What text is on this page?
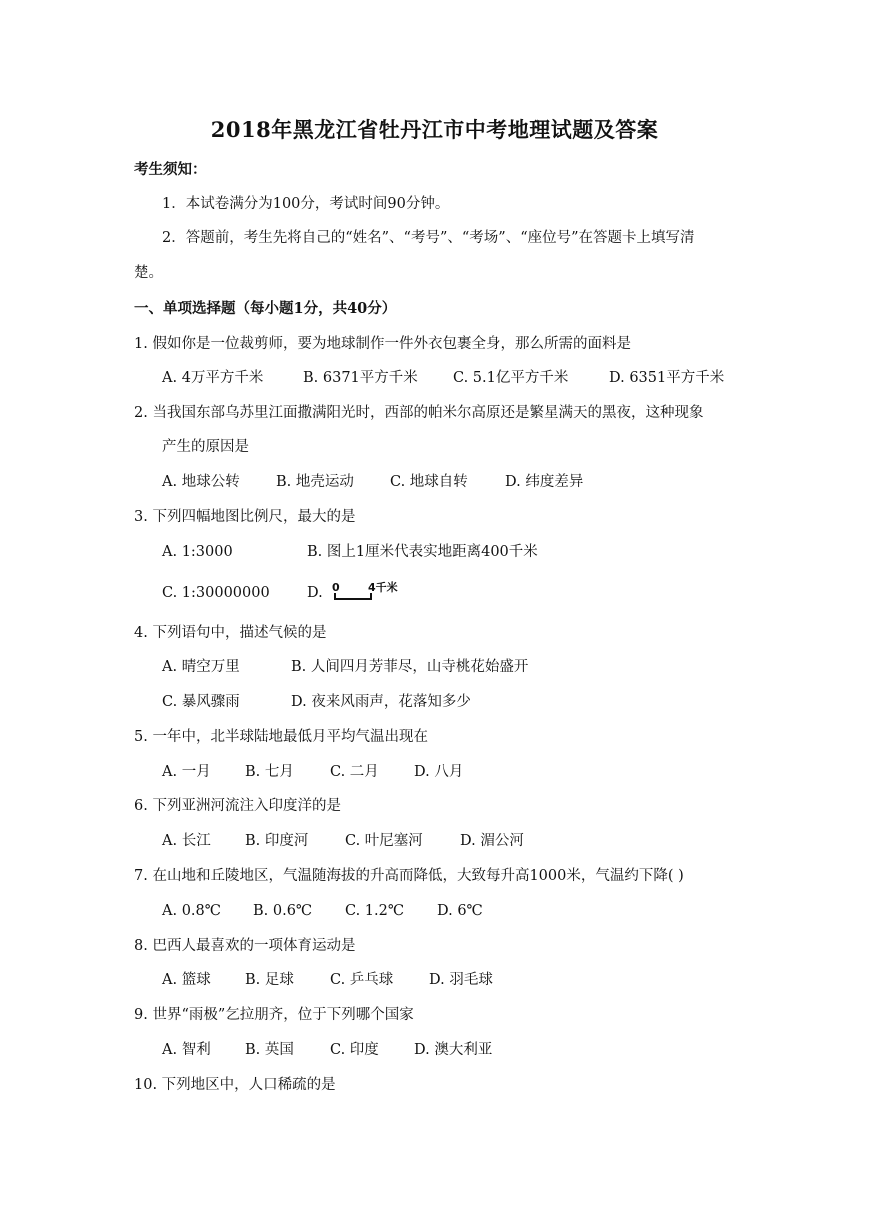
2018年黑龙江省牡丹江市中考地理试题及答案
考生须知：
1．本试卷满分为100分，考试时间90分钟。
2．答题前，考生先将自己的“姓名”、“考号”、“考场”、“座位号”在答题卡上填写清
楚。
一、单项选择题（每小题1分，共40分）
1. 假如你是一位裁剪师，要为地球制作一件外衣包裹全身，那么所需的面料是
A. 4万平方千米	B. 6371平方千米 C. 5.1亿平方千米	D. 6351平方千米
2. 当我国东部乌苏里江面撒满阳光时，西部的帕米尔高原还是繁星满天的黑夜，这种现象
产生的原因是
A. 地球公转	B. 地壳运动 C. 地球自转	D. 纬度差异
3. 下列四幅地图比例尺，最大的是
A. 1:3000	B. 图上1厘米代表实地距离400千米
C. 1:30000000	D. 0	4千米
4. 下列语句中，描述气候的是
A. 晴空万里	B. 人间四月芳菲尽，山寺桃花始盛开
C. 暴风骤雨	D. 夜来风雨声，花落知多少
5. 一年中，北半球陆地最低月平均气温出现在
A. 一月 B. 七月 C. 二月 D. 八月
6. 下列亚洲河流注入印度洋的是
A. 长江 B. 印度河	C. 叶尼塞河	D. 湄公河
7. 在山地和丘陵地区，气温随海拔的升高而降低，大致每升高1000米，气温约下降( )
A. 0.8℃ B. 0.6℃ C. 1.2℃ D. 6℃
8. 巴西人最喜欢的一项体育运动是
A. 篮球 B. 足球 C. 乒乓球 D. 羽毛球
9. 世界“雨极”乞拉朋齐，位于下列哪个国家
A. 智利 B. 英国 C. 印度 D. 澳大利亚
10. 下列地区中，人口稀疏的是
